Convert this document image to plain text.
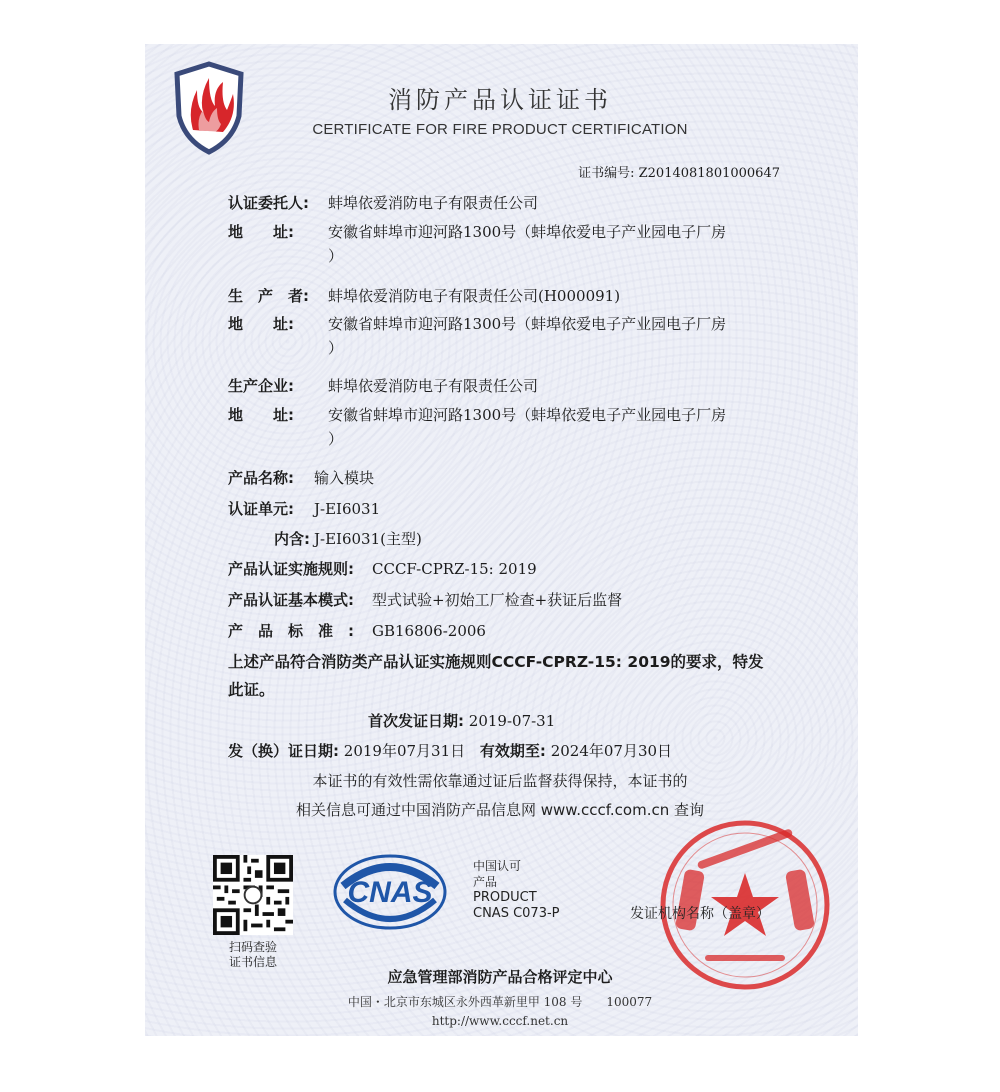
消防产品认证证书
CERTIFICATE FOR FIRE PRODUCT CERTIFICATION
证书编号: Z2014081801000647
认证委托人: 蚌埠依爱消防电子有限责任公司
地　　址: 安徽省蚌埠市迎河路1300号（蚌埠依爱电子产业园电子厂房
）
生　产　者: 蚌埠依爱消防电子有限责任公司(H000091)
地　　址: 安徽省蚌埠市迎河路1300号（蚌埠依爱电子产业园电子厂房
）
生产企业: 蚌埠依爱消防电子有限责任公司
地　　址: 安徽省蚌埠市迎河路1300号（蚌埠依爱电子产业园电子厂房
）
产品名称: 输入模块
认证单元: J-EI6031
内含: J-EI6031(主型)
产品认证实施规则: CCCF-CPRZ-15: 2019
产品认证基本模式: 型式试验+初始工厂检查+获证后监督
产　品　标　准　: GB16806-2006
上述产品符合消防类产品认证实施规则CCCF-CPRZ-15: 2019的要求，特发
此证。
首次发证日期: 2019-07-31
发（换）证日期: 2019年07月31日 有效期至: 2024年07月30日
本证书的有效性需依靠通过证后监督获得保持，本证书的
相关信息可通过中国消防产品信息网 www.cccf.com.cn 查询
扫码查验
证书信息
CNAS
中国认可
产品
PRODUCT
CNAS C073-P	发证机构名称（盖章）
应急管理部消防产品合格评定中心
中国・北京市东城区永外西革新里甲 108 号　　100077
http://www.cccf.net.cn
